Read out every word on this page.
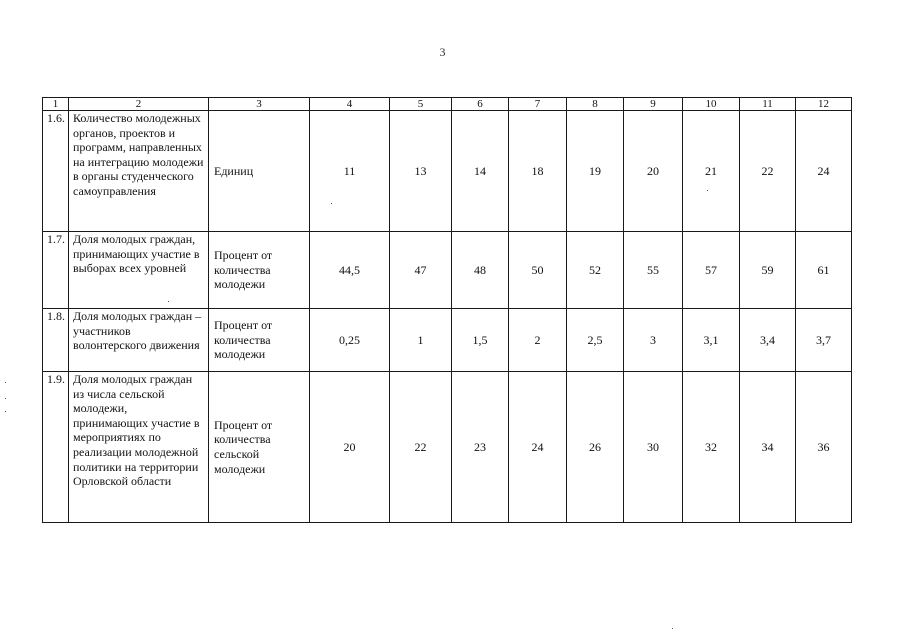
3
1	2	3	4	5	6	7	8	9	10	11	12
1.6.	Количество молодежных органов, проектов и программ, направленных на интеграцию молодежи в органы студенческого самоуправления	Единиц	11	13	14	18	19	20	21	22	24
1.7.	Доля молодых граждан, принимающих участие в выборах всех уровней	Процент от количества молодежи	44,5	47	48	50	52	55	57	59	61
1.8.	Доля молодых граждан – участников волонтерского движения	Процент от количества молодежи	0,25	1	1,5	2	2,5	3	3,1	3,4	3,7
1.9.	Доля молодых граждан из числа сельской молодежи, принимающих участие в мероприятиях по реализации молодежной политики на территории Орловской области	Процент от количества сельской молодежи	20	22	23	24	26	30	32	34	36
